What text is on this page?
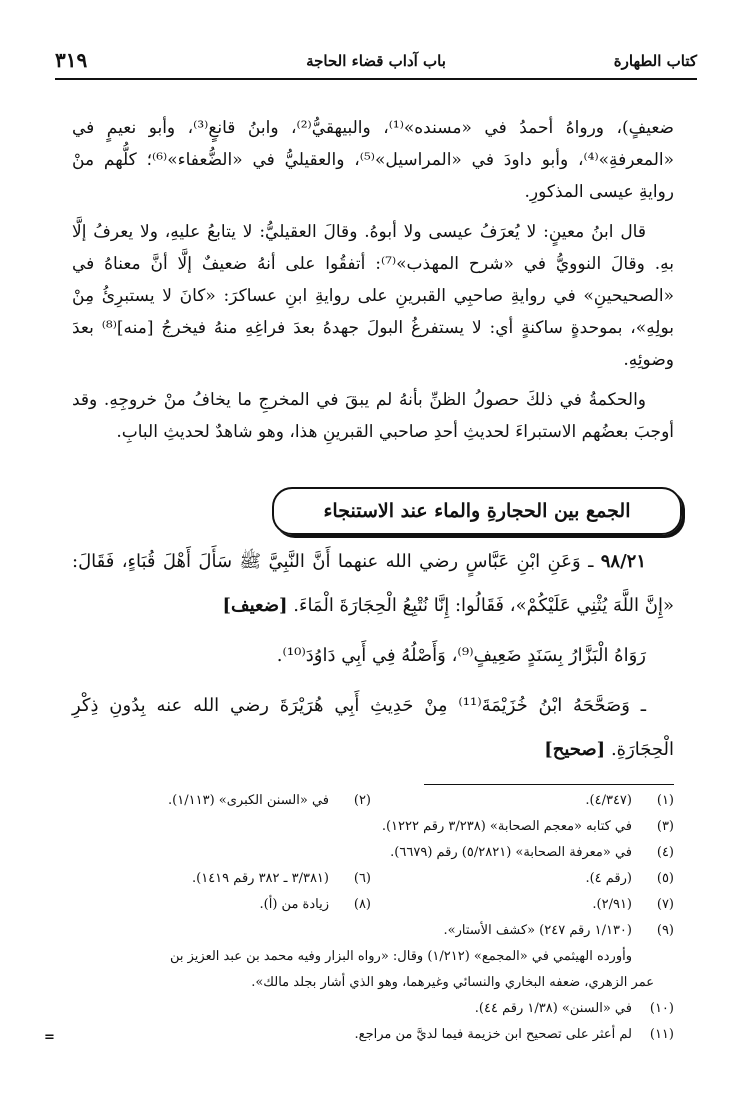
كتاب الطهارة
باب آداب قضاء الحاجة
٣١٩

ضعيفٍ)، ورواهُ أحمدُ في «مسنده»⁽¹⁾، والبيهقيُّ⁽²⁾، وابنُ قانعٍ⁽³⁾، وأبو نعيمٍ في «المعرفةِ»⁽⁴⁾، وأبو داودَ في «المراسيل»⁽⁵⁾، والعقيليُّ في «الضُّعفاء»⁽⁶⁾؛ كلُّهم منْ روايةِ عيسى المذكورِ.

قال ابنُ معينٍ: لا يُعرَفُ عيسى ولا أبوهُ. وقالَ العقيليُّ: لا يتابعُ عليهِ، ولا يعرفُ إلَّا بهِ. وقالَ النوويُّ في «شرح المهذب»⁽⁷⁾: أتفقُوا على أنهُ ضعيفٌ إلَّا أنَّ معناهُ في «الصحيحينِ» في روايةِ صاحبِي القبرينِ على روايةِ ابنِ عساكرَ: «كانَ لا يستبرِئُ مِنْ بولِهِ»، بموحدةٍ ساكنةٍ أي: لا يستفرغُ البولَ جهدهُ بعدَ فراغِهِ منهُ فيخرجُ [منه]⁽⁸⁾ بعدَ وضوئِهِ.

والحكمةُ في ذلكَ حصولُ الظنِّ بأنهُ لم يبقَ في المخرجِ ما يخافُ منْ خروجِهِ. وقد أوجبَ بعضُهم الاستبراءَ لحديثِ أحدِ صاحبي القبرينِ هذا، وهو شاهدٌ لحديثِ البابِ.

الجمع بين الحجارةِ والماء عند الاستنجاء

٩٨/٢١ ـ وَعَنِ ابْنِ عَبَّاسٍ رضي الله عنهما أَنَّ النَّبِيَّ ﷺ سَأَلَ أَهْلَ قُبَاءٍ، فَقَالَ: «إِنَّ اللَّهَ يُثْنِي عَلَيْكُمْ»، فَقَالُوا: إِنَّا نُتْبِعُ الْحِجَارَةَ الْمَاءَ. [ضعيف]

رَوَاهُ الْبَزَّارُ بِسَنَدٍ ضَعِيفٍ⁽⁹⁾، وَأَصْلُهُ فِي أَبِي دَاوُدَ⁽¹⁰⁾.

ـ وَصَحَّحَهُ ابْنُ خُزَيْمَةَ⁽¹¹⁾ مِنْ حَدِيثِ أَبِي هُرَيْرَةَ رضي الله عنه بِدُونِ ذِكْرِ الْحِجَارَةِ. [صحيح]

(١)
(٤/٣٤٧).
(٢)
في «السنن الكبرى» (١/١١٣).
(٣)
في كتابه «معجم الصحابة» (٣/٢٣٨ رقم ١٢٢٢).
(٤)
في «معرفة الصحابة» (٥/٢٨٢١) رقم (٦٦٧٩).
(٥)
(رقم ٤).
(٦)
(٣/٣٨١ ـ ٣٨٢ رقم ١٤١٩).
(٧)
(٢/٩١).
(٨)
زيادة من (أ).
(٩)
(١/١٣٠ رقم ٢٤٧) «كشف الأستار».
وأورده الهيثمي في «المجمع» (١/٢١٢) وقال: «رواه البزار وفيه محمد بن عبد العزيز بن
عمر الزهري، ضعفه البخاري والنسائي وغيرهما، وهو الذي أشار بجلد مالك».
(١٠)
في «السنن» (١/٣٨ رقم ٤٤).
(١١)
لم أعثر على تصحيح ابن خزيمة فيما لديَّ من مراجع.
=
